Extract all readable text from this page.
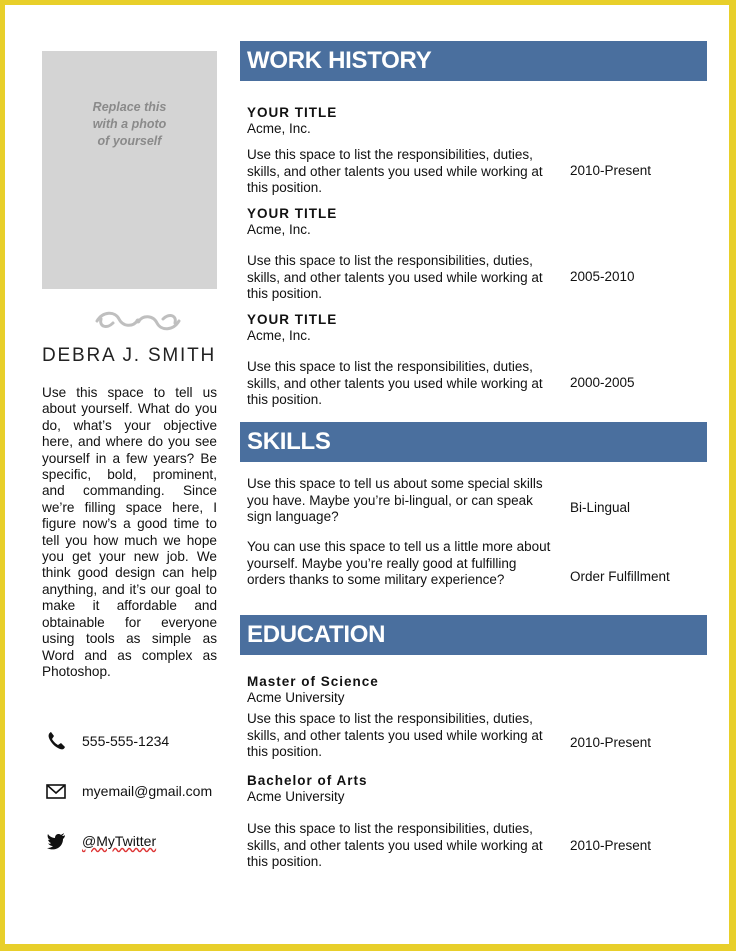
Replace this
with a photo
of yourself
DEBRA J. SMITH
Use this space to tell us about yourself. What do you do, what’s your objective here, and where do you see yourself in a few years? Be specific, bold, prominent, and commanding. Since we’re filling space here, I figure now’s a good time to tell you how much we hope you get your new job. We think good design can help anything, and it’s our goal to make it affordable and obtainable for everyone using tools as simple as Word and as complex as Photoshop.
555-555-1234
myemail@gmail.com
@MyTwitter
WORK HISTORY
YOUR TITLE
Acme, Inc.
Use this space to list the responsibilities, duties, skills, and other talents you used while working at this position.
2010-Present
YOUR TITLE
Acme, Inc.
Use this space to list the responsibilities, duties, skills, and other talents you used while working at this position.
2005-2010
YOUR TITLE
Acme, Inc.
Use this space to list the responsibilities, duties, skills, and other talents you used while working at this position.
2000-2005
SKILLS
Use this space to tell us about some special skills you have. Maybe you’re bi-lingual, or can speak sign language?
Bi-Lingual
You can use this space to tell us a little more about yourself. Maybe you’re really good at fulfilling orders thanks to some military experience?	Order Fulfillment
EDUCATION
Master of Science
Acme University
Use this space to list the responsibilities, duties, skills, and other talents you used while working at this position.
2010-Present
Bachelor of Arts
Acme University
Use this space to list the responsibilities, duties, skills, and other talents you used while working at this position.
2010-Present
